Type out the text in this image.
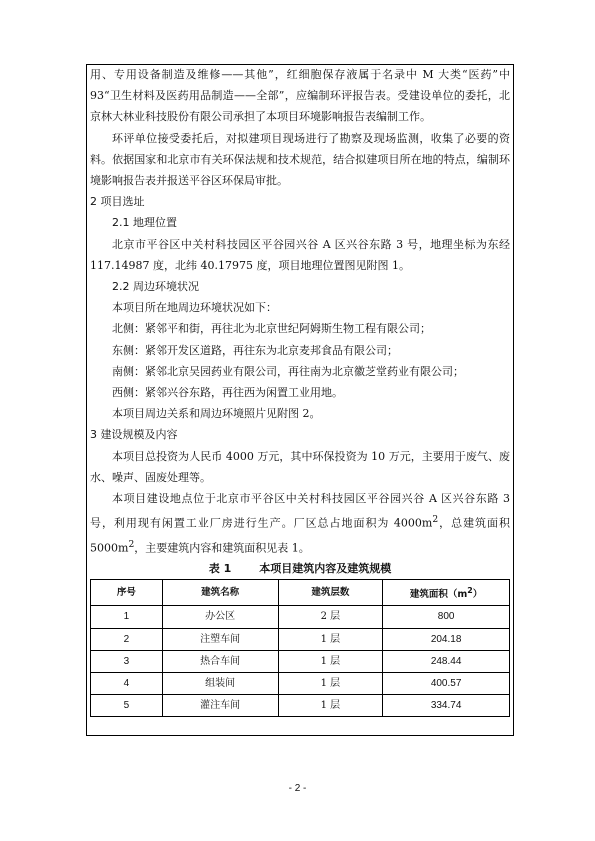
用、专用设备制造及维修——其他”，红细胞保存液属于名录中 M 大类“医药”中 93“卫生材料及医药用品制造——全部”，应编制环评报告表。受建设单位的委托，北京林大林业科技股份有限公司承担了本项目环境影响报告表编制工作。

环评单位接受委托后，对拟建项目现场进行了勘察及现场监测，收集了必要的资料。依据国家和北京市有关环保法规和技术规范，结合拟建项目所在地的特点，编制环境影响报告表并报送平谷区环保局审批。

2 项目选址

2.1 地理位置

北京市平谷区中关村科技园区平谷园兴谷 A 区兴谷东路 3 号，地理坐标为东经 117.14987 度，北纬 40.17975 度，项目地理位置图见附图 1。

2.2 周边环境状况

本项目所在地周边环境状况如下：

北侧：紧邻平和街，再往北为北京世纪阿姆斯生物工程有限公司；

东侧：紧邻开发区道路，再往东为北京麦邦食品有限公司；

南侧：紧邻北京吴园药业有限公司，再往南为北京徽芝堂药业有限公司；

西侧：紧邻兴谷东路，再往西为闲置工业用地。

本项目周边关系和周边环境照片见附图 2。

3 建设规模及内容

本项目总投资为人民币 4000 万元，其中环保投资为 10 万元，主要用于废气、废水、噪声、固废处理等。

本项目建设地点位于北京市平谷区中关村科技园区平谷园兴谷 A 区兴谷东路 3 号，利用现有闲置工业厂房进行生产。厂区总占地面积为 $4000m^2$，总建筑面积 $5000m^2$，主要建筑内容和建筑面积见表 1。

表 1	本项目建筑内容及建筑规模
序号	建筑名称	建筑层数	建筑面积$(m^2)$
1	办公区	2 层	800
2	注塑车间	1 层	204.18
3	热合车间	1 层	248.44
4	组装间	1 层	400.57
5	灌注车间	1 层	334.74
- 2 -
